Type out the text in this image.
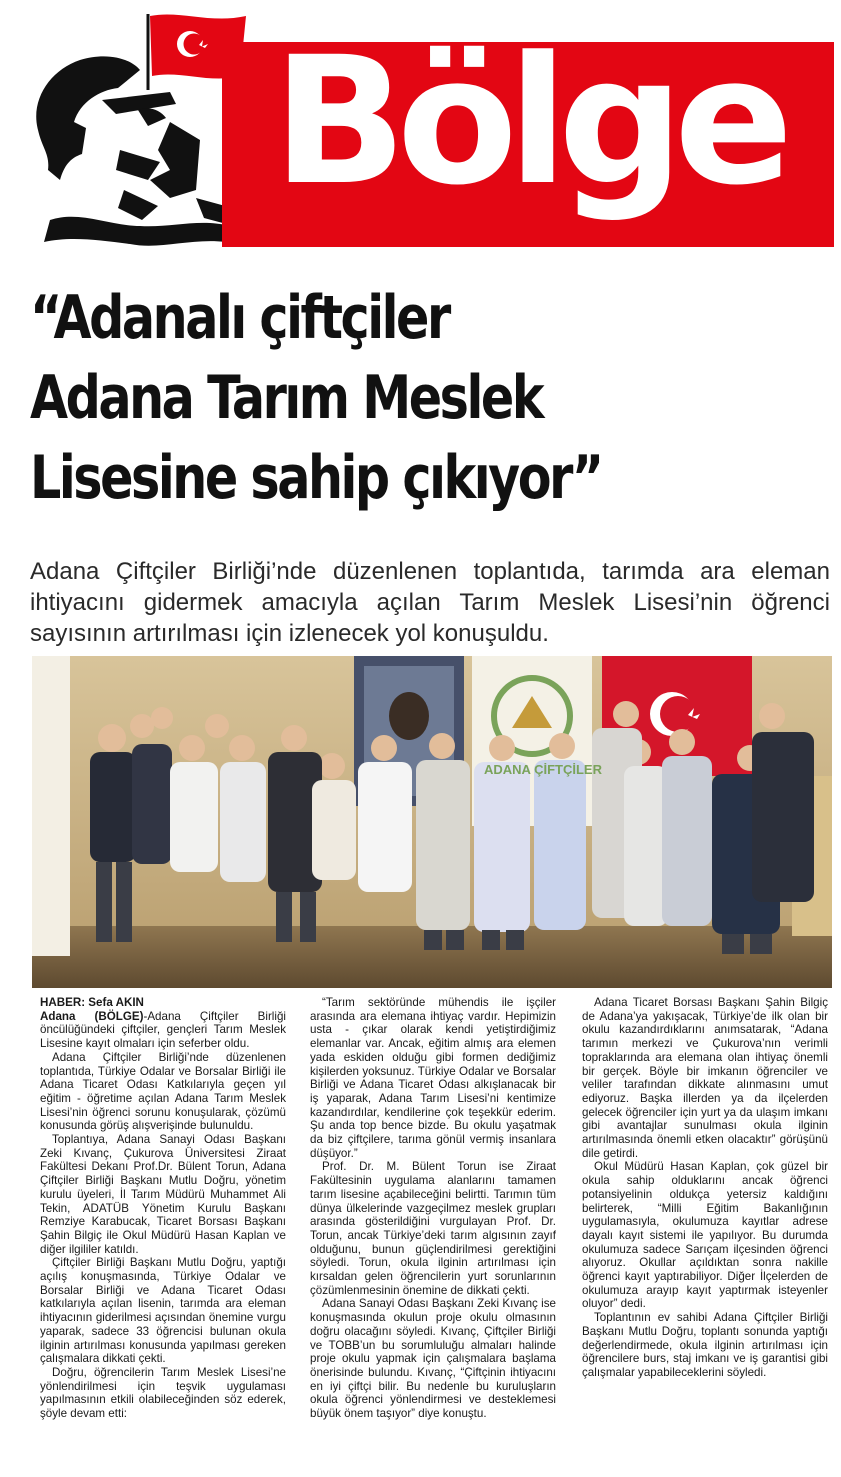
Bölge
“Adanalı çiftçiler
Adana Tarım Meslek
Lisesine sahip çıkıyor”

Adana Çiftçiler Birliği’nde düzenlenen toplantıda, tarımda ara eleman ihtiyacını gidermek amacıyla açılan Tarım Meslek Lisesi’nin öğrenci sayısının artırılması için izlenecek yol konuşuldu.

ADANA ÇİFTÇİLER

HABER: Sefa AKIN

Adana (BÖLGE)-Adana Çiftçiler Birliği öncülüğündeki çiftçiler, gençleri Tarım Meslek Lisesine kayıt olmaları için seferber oldu.

Adana Çiftçiler Birliği’nde düzenlenen toplantıda, Türkiye Odalar ve Borsalar Birliği ile Adana Ticaret Odası Katkılarıyla geçen yıl eğitim - öğretime açılan Adana Tarım Meslek Lisesi’nin öğrenci sorunu konuşularak, çözümü konusunda görüş alışverişinde bulunuldu.

Toplantıya, Adana Sanayi Odası Başkanı Zeki Kıvanç, Çukurova Üniversitesi Ziraat Fakültesi Dekanı Prof.Dr. Bülent Torun, Adana Çiftçiler Birliği Başkanı Mutlu Doğru, yönetim kurulu üyeleri, İl Tarım Müdürü Muhammet Ali Tekin, ADATÜB Yönetim Kurulu Başkanı Remziye Karabucak, Ticaret Borsası Başkanı Şahin Bilgiç ile Okul Müdürü Hasan Kaplan ve diğer ilgililer katıldı.

Çiftçiler Birliği Başkanı Mutlu Doğru, yaptığı açılış konuşmasında, Türkiye Odalar ve Borsalar Birliği ve Adana Ticaret Odası katkılarıyla açılan lisenin, tarımda ara eleman ihtiyacının giderilmesi açısından önemine vurgu yaparak, sadece 33 öğrencisi bulunan okula ilginin artırılması konusunda yapılması gereken çalışmalara dikkati çekti.

Doğru, öğrencilerin Tarım Meslek Lisesi’ne yönlendirilmesi için teşvik uygulaması yapılmasının etkili olabileceğinden söz ederek, şöyle devam etti:

“Tarım sektöründe mühendis ile işçiler arasında ara elemana ihtiyaç vardır. Hepimizin usta - çıkar olarak kendi yetiştirdiğimiz elemanlar var. Ancak, eğitim almış ara elemen yada eskiden olduğu gibi formen dediğimiz kişilerden yoksunuz. Türkiye Odalar ve Borsalar Birliği ve Adana Ticaret Odası alkışlanacak bir iş yaparak, Adana Tarım Lisesi’ni kentimize kazandırdılar, kendilerine çok teşekkür ederim. Şu anda top bence bizde. Bu okulu yaşatmak da biz çiftçilere, tarıma gönül vermiş insanlara düşüyor.”

Prof. Dr. M. Bülent Torun ise Ziraat Fakültesinin uygulama alanlarını tamamen tarım lisesine açabileceğini belirtti. Tarımın tüm dünya ülkelerinde vazgeçilmez meslek grupları arasında gösterildiğini vurgulayan Prof. Dr. Torun, ancak Türkiye’deki tarım algısının zayıf olduğunu, bunun güçlendirilmesi gerektiğini söyledi. Torun, okula ilginin artırılması için kırsaldan gelen öğrencilerin yurt sorunlarının çözümlenmesinin önemine de dikkati çekti.

Adana Sanayi Odası Başkanı Zeki Kıvanç ise konuşmasında okulun proje okulu olmasının doğru olacağını söyledi. Kıvanç, Çiftçiler Birliği ve TOBB’un bu sorumluluğu almaları halinde proje okulu yapmak için çalışmalara başlama önerisinde bulundu. Kıvanç, “Çiftçinin ihtiyacını en iyi çiftçi bilir. Bu nedenle bu kuruluşların okula öğrenci yönlendirmesi ve desteklemesi büyük önem taşıyor” diye konuştu.

Adana Ticaret Borsası Başkanı Şahin Bilgiç de Adana’ya yakışacak, Türkiye’de ilk olan bir okulu kazandırdıklarını anımsatarak, “Adana tarımın merkezi ve Çukurova’nın verimli topraklarında ara elemana olan ihtiyaç önemli bir gerçek. Böyle bir imkanın öğrenciler ve veliler tarafından dikkate alınmasını umut ediyoruz. Başka illerden ya da ilçelerden gelecek öğrenciler için yurt ya da ulaşım imkanı gibi avantajlar sunulması okula ilginin artırılmasında önemli etken olacaktır” görüşünü dile getirdi.

Okul Müdürü Hasan Kaplan, çok güzel bir okula sahip olduklarını ancak öğrenci potansiyelinin oldukça yetersiz kaldığını belirterek, “Milli Eğitim Bakanlığının uygulamasıyla, okulumuza kayıtlar adrese dayalı kayıt sistemi ile yapılıyor. Bu durumda okulumuza sadece Sarıçam ilçesinden öğrenci alıyoruz. Okullar açıldıktan sonra nakille öğrenci kayıt yaptırabiliyor. Diğer İlçelerden de okulumuza arayıp kayıt yaptırmak isteyenler oluyor” dedi.

Toplantının ev sahibi Adana Çiftçiler Birliği Başkanı Mutlu Doğru, toplantı sonunda yaptığı değerlendirmede, okula ilginin artırılması için öğrencilere burs, staj imkanı ve iş garantisi gibi çalışmalar yapabileceklerini söyledi.
